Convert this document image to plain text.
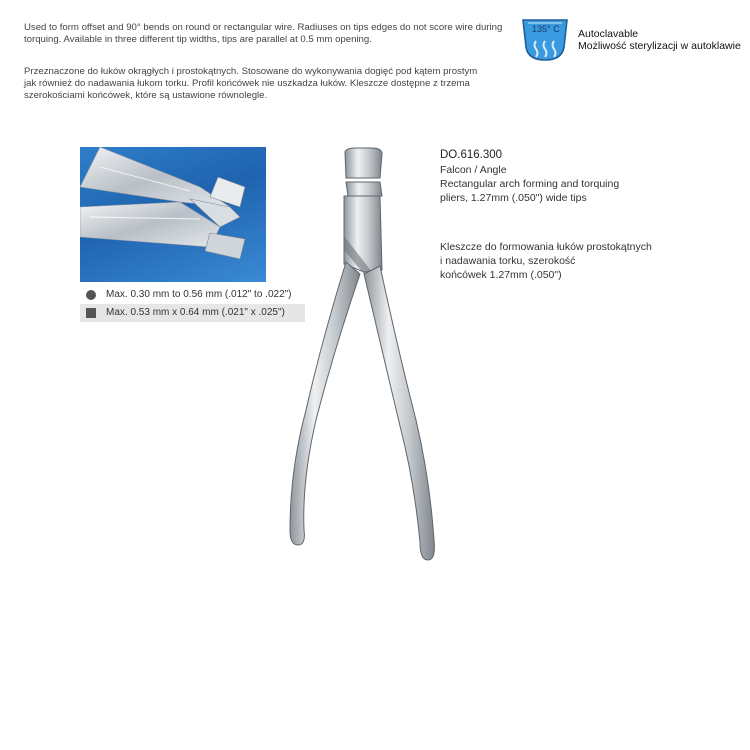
Used to form offset and 90° bends on round or rectangular wire. Radiuses on tips edges do not score wire during
torquing. Available in three different tip widths, tips are parallel at 0.5 mm opening.
Przeznaczone do łuków okrągłych i prostokątnych. Stosowane do wykonywania dogięć pod kątem prostym
jak również do nadawania łukom torku. Profil końcówek nie uszkadza łuków. Kleszcze dostępne z trzema
szerokościami końcówek, które są ustawione równolegle.
135° C Autoclavable
Możliwość sterylizacji w autoklawie
Max. 0.30 mm to 0.56 mm (.012" to .022")
Max. 0.53 mm x 0.64 mm (.021" x .025")
DO.616.300
Falcon / Angle
Rectangular arch forming and torquing
pliers, 1.27mm (.050") wide tips
Kleszcze do formowania łuków prostokątnych
i nadawania torku, szerokość
końcówek 1.27mm (.050")
